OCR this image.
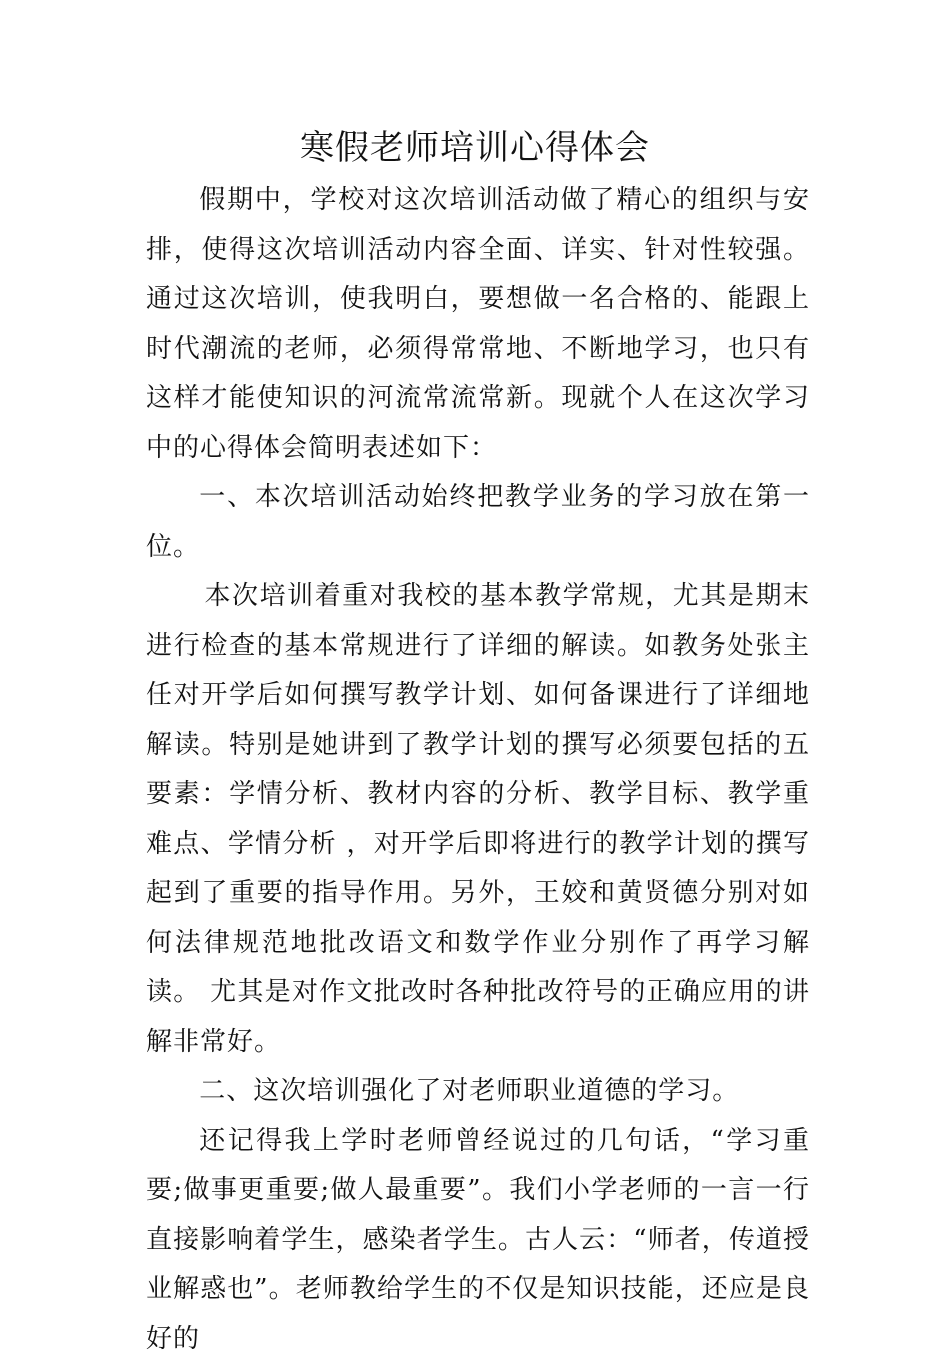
寒假老师培训心得体会

假期中，学校对这次培训活动做了精心的组织与安排，使得这次培训活动内容全面、详实、针对性较强。通过这次培训，使我明白，要想做一名合格的、能跟上时代潮流的老师，必须得常常地、不断地学习，也只有这样才能使知识的河流常流常新。现就个人在这次学习中的心得体会简明表述如下：

一、本次培训活动始终把教学业务的学习放在第一位。

本次培训着重对我校的基本教学常规，尤其是期末进行检查的基本常规进行了详细的解读。如教务处张主任对开学后如何撰写教学计划、如何备课进行了详细地解读。特别是她讲到了教学计划的撰写必须要包括的五要素：学情分析、教材内容的分析、教学目标、教学重难点、学情分析 ，对开学后即将进行的教学计划的撰写起到了重要的指导作用。另外，王姣和黄贤德分别对如何法律规范地批改语文和数学作业分别作了再学习解读。 尤其是对作文批改时各种批改符号的正确应用的讲解非常好。

二、这次培训强化了对老师职业道德的学习。

还记得我上学时老师曾经说过的几句话，“学习重要;做事更重要;做人最重要”。我们小学老师的一言一行直接影响着学生，感染者学生。古人云：“师者，传道授业解惑也”。老师教给学生的不仅是知识技能，还应是良好的
